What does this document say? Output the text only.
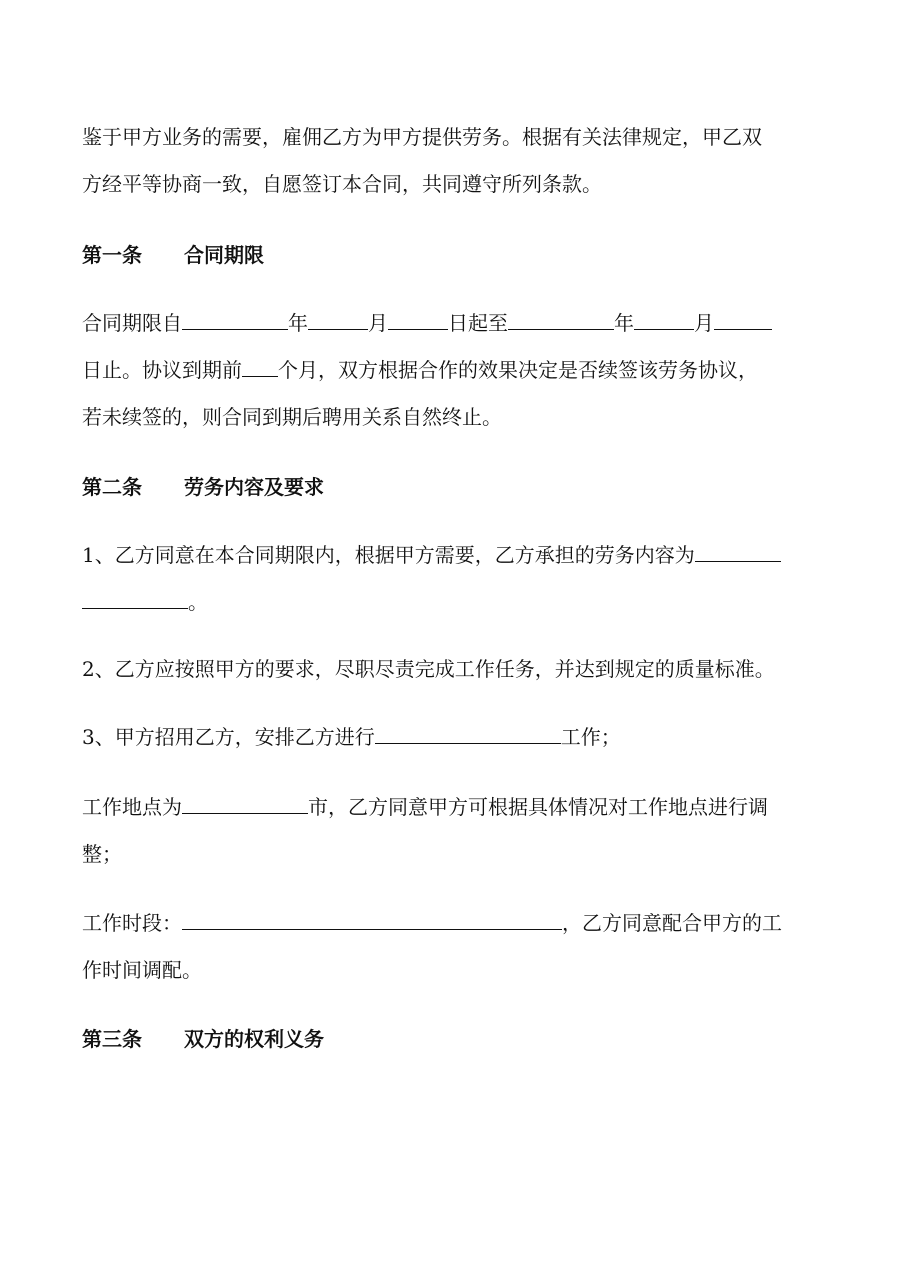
鉴于甲方业务的需要，雇佣乙方为甲方提供劳务。根据有关法律规定，甲乙双
方经平等协商一致，自愿签订本合同，共同遵守所列条款。
第一条 合同期限
合同期限自	年	月	日起至	年	月
日止。协议到期前 个月，双方根据合作的效果决定是否续签该劳务协议，
若未续签的，则合同到期后聘用关系自然终止。
第二条 劳务内容及要求
1、乙方同意在本合同期限内，根据甲方需要，乙方承担的劳务内容为
。
2、乙方应按照甲方的要求，尽职尽责完成工作任务，并达到规定的质量标准。
3、甲方招用乙方，安排乙方进行	工作；
工作地点为	市，乙方同意甲方可根据具体情况对工作地点进行调
整；
工作时段：	，乙方同意配合甲方的工
作时间调配。
第三条 双方的权利义务
